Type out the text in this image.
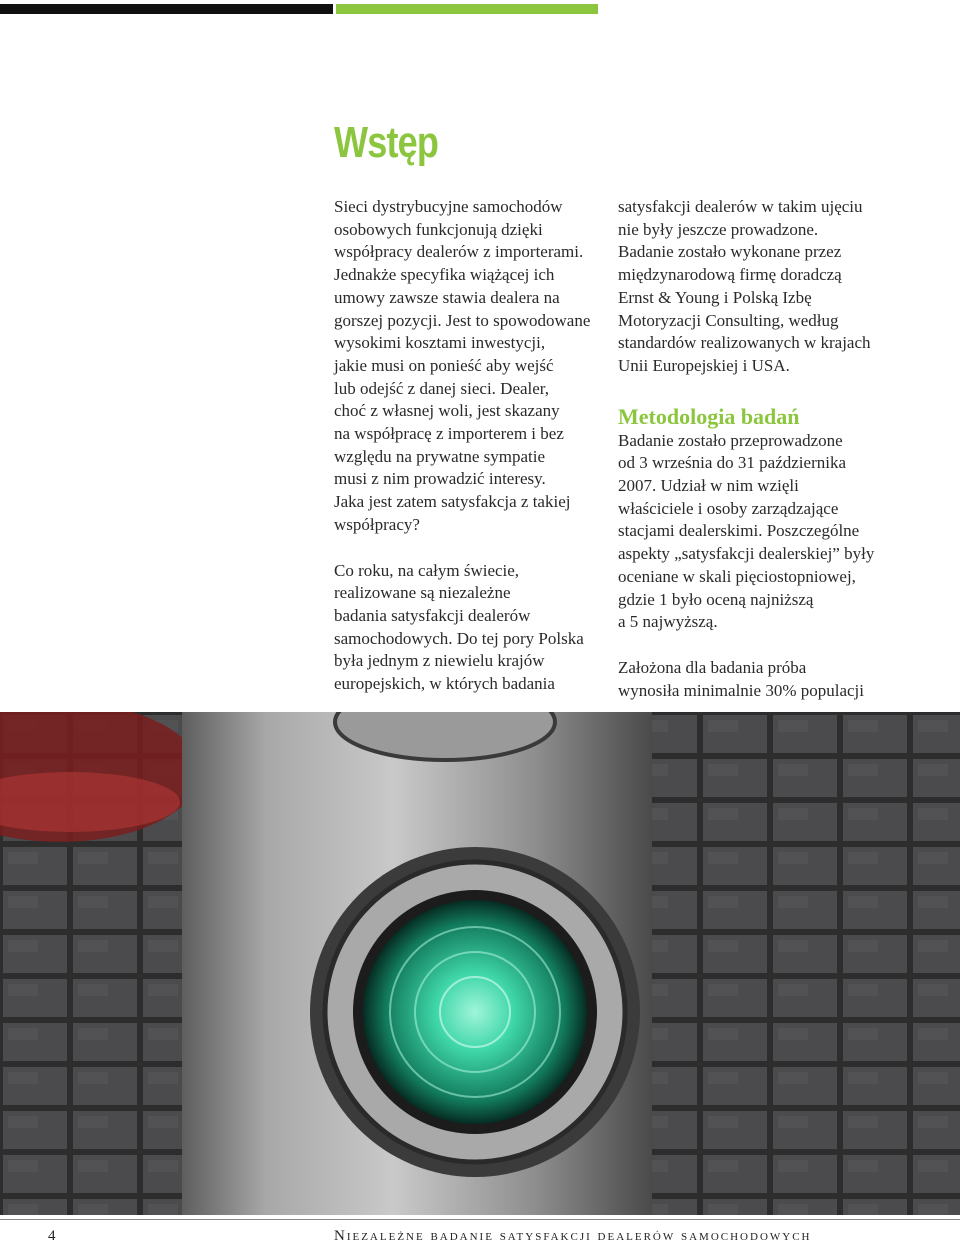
Wstęp

Sieci dystrybucyjne samochodów
osobowych funkcjonują dzięki
współpracy dealerów z importerami.
Jednakże specyfika wiążącej ich
umowy zawsze stawia dealera na
gorszej pozycji. Jest to spowodowane
wysokimi kosztami inwestycji,
jakie musi on ponieść aby wejść
lub odejść z danej sieci. Dealer,
choć z własnej woli, jest skazany
na współpracę z importerem i bez
względu na prywatne sympatie
musi z nim prowadzić interesy.
Jaka jest zatem satysfakcja z takiej
współpracy?

Co roku, na całym świecie,
realizowane są niezależne
badania satysfakcji dealerów
samochodowych. Do tej pory Polska
była jednym z niewielu krajów
europejskich, w których badania

satysfakcji dealerów w takim ujęciu
nie były jeszcze prowadzone.
Badanie zostało wykonane przez
międzynarodową firmę doradczą
Ernst & Young i Polską Izbę
Motoryzacji Consulting, według
standardów realizowanych w krajach
Unii Europejskiej i USA.

Metodologia badań

Badanie zostało przeprowadzone
od 3 września do 31 października
2007. Udział w nim wzięli
właściciele i osoby zarządzające
stacjami dealerskimi. Poszczególne
aspekty „satysfakcji dealerskiej” były
oceniane w skali pięciostopniowej,
gdzie 1 było oceną najniższą
a 5 najwyższą.

Założona dla badania próba
wynosiła minimalnie 30% populacji

4	Niezależne badanie satysfakcji dealerów samochodowych
